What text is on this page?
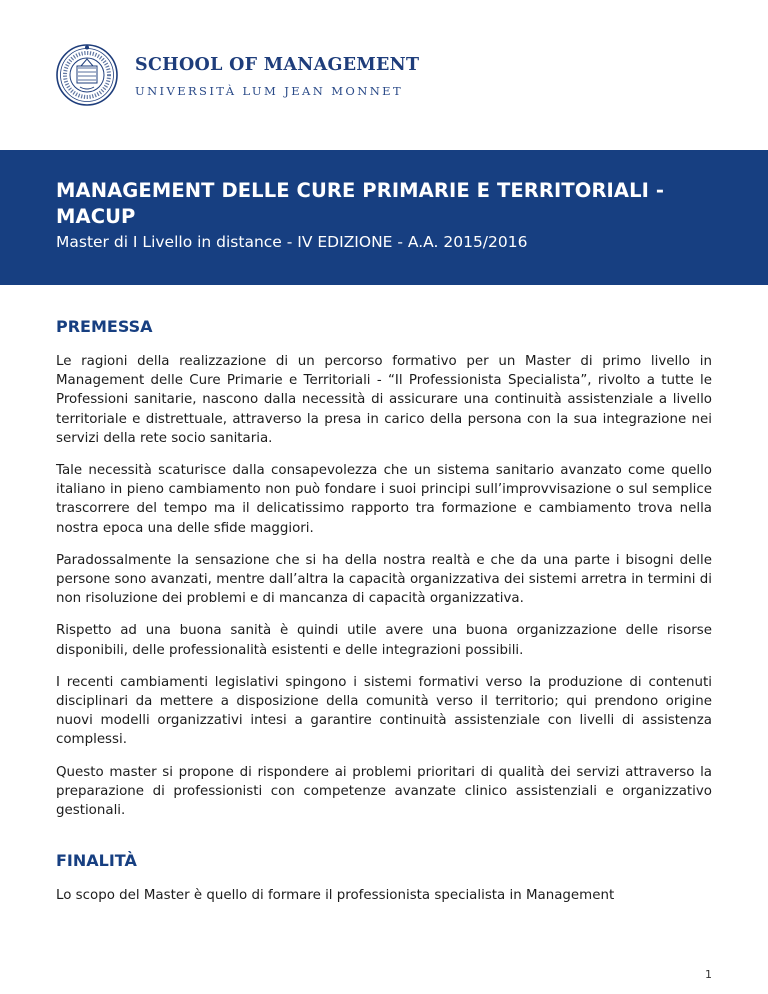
SCHOOL OF MANAGEMENT
UNIVERSITÀ LUM JEAN MONNET
MANAGEMENT DELLE CURE PRIMARIE E TERRITORIALI - MACUP
Master di I Livello in distance - IV EDIZIONE - A.A. 2015/2016
PREMESSA

Le ragioni della realizzazione di un percorso formativo per un Master di primo livello in Management delle Cure Primarie e Territoriali - “Il Professionista Specialista”, rivolto a tutte le Professioni sanitarie, nascono dalla necessità di assicurare una continuità assistenziale a livello territoriale e distrettuale, attraverso la presa in carico della persona con la sua integrazione nei servizi della rete socio sanitaria.

Tale necessità scaturisce dalla consapevolezza che un sistema sanitario avanzato come quello italiano in pieno cambiamento non può fondare i suoi principi sull’improvvisazione o sul semplice trascorrere del tempo ma il delicatissimo rapporto tra formazione e cambiamento trova nella nostra epoca una delle sfide maggiori.

Paradossalmente la sensazione che si ha della nostra realtà e che da una parte i bisogni delle persone sono avanzati, mentre dall’altra la capacità organizzativa dei sistemi arretra in termini di non risoluzione dei problemi e di mancanza di capacità organizzativa.

Rispetto ad una buona sanità è quindi utile avere una buona organizzazione delle risorse disponibili, delle professionalità esistenti e delle integrazioni possibili.

I recenti cambiamenti legislativi spingono i sistemi formativi verso la produzione di contenuti disciplinari da mettere a disposizione della comunità verso il territorio; qui prendono origine nuovi modelli organizzativi intesi a garantire continuità assistenziale con livelli di assistenza complessi.

Questo master si propone di rispondere ai problemi prioritari di qualità dei servizi attraverso la preparazione di professionisti con competenze avanzate clinico assistenziali e organizzativo gestionali.

FINALITÀ

Lo scopo del Master è quello di formare il professionista specialista in Management

1
